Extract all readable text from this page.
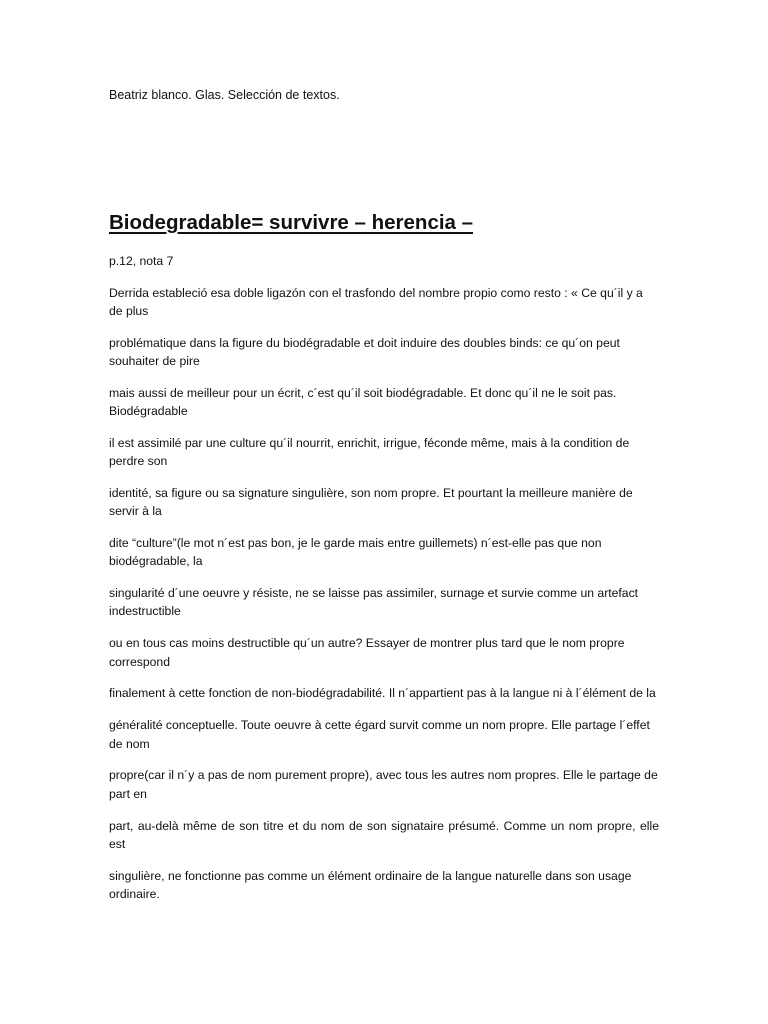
Beatriz blanco. Glas. Selección de textos.

Biodegradable= survivre – herencia –

p.12, nota 7

Derrida estableció esa doble ligazón con el trasfondo del nombre propio como resto : « Ce qu´il y a de plus

problématique dans la figure du biodégradable et doit induire des doubles binds: ce qu´on peut souhaiter de pire

mais aussi de meilleur pour un écrit, c´est qu´il soit biodégradable. Et donc qu´il ne le soit pas. Biodégradable

il est assimilé par une culture qu´il nourrit, enrichit, irrigue, féconde même, mais à la condition de perdre son

identité, sa figure ou sa signature singulière, son nom propre. Et pourtant la meilleure manière de servir à la

dite “culture”(le mot n´est pas bon, je le garde mais entre guillemets) n´est-elle pas que non biodégradable, la

singularité d´une oeuvre y résiste, ne se laisse pas assimiler, surnage et survie comme un artefact indestructible

ou en tous cas moins destructible qu´un autre? Essayer de montrer plus tard que le nom propre correspond

finalement à cette fonction de non-biodégradabilité. Il n´appartient pas à la langue ni à l´élément de la

généralité conceptuelle. Toute oeuvre à cette égard survit comme un nom propre. Elle partage l´effet de nom

propre(car il n´y a pas de nom purement propre), avec tous les autres nom propres. Elle le partage de part en

part, au-delà même de son titre et du nom de son signataire présumé. Comme un nom propre, elle est

singulière, ne fonctionne pas comme un élément ordinaire de la langue naturelle dans son usage ordinaire.
